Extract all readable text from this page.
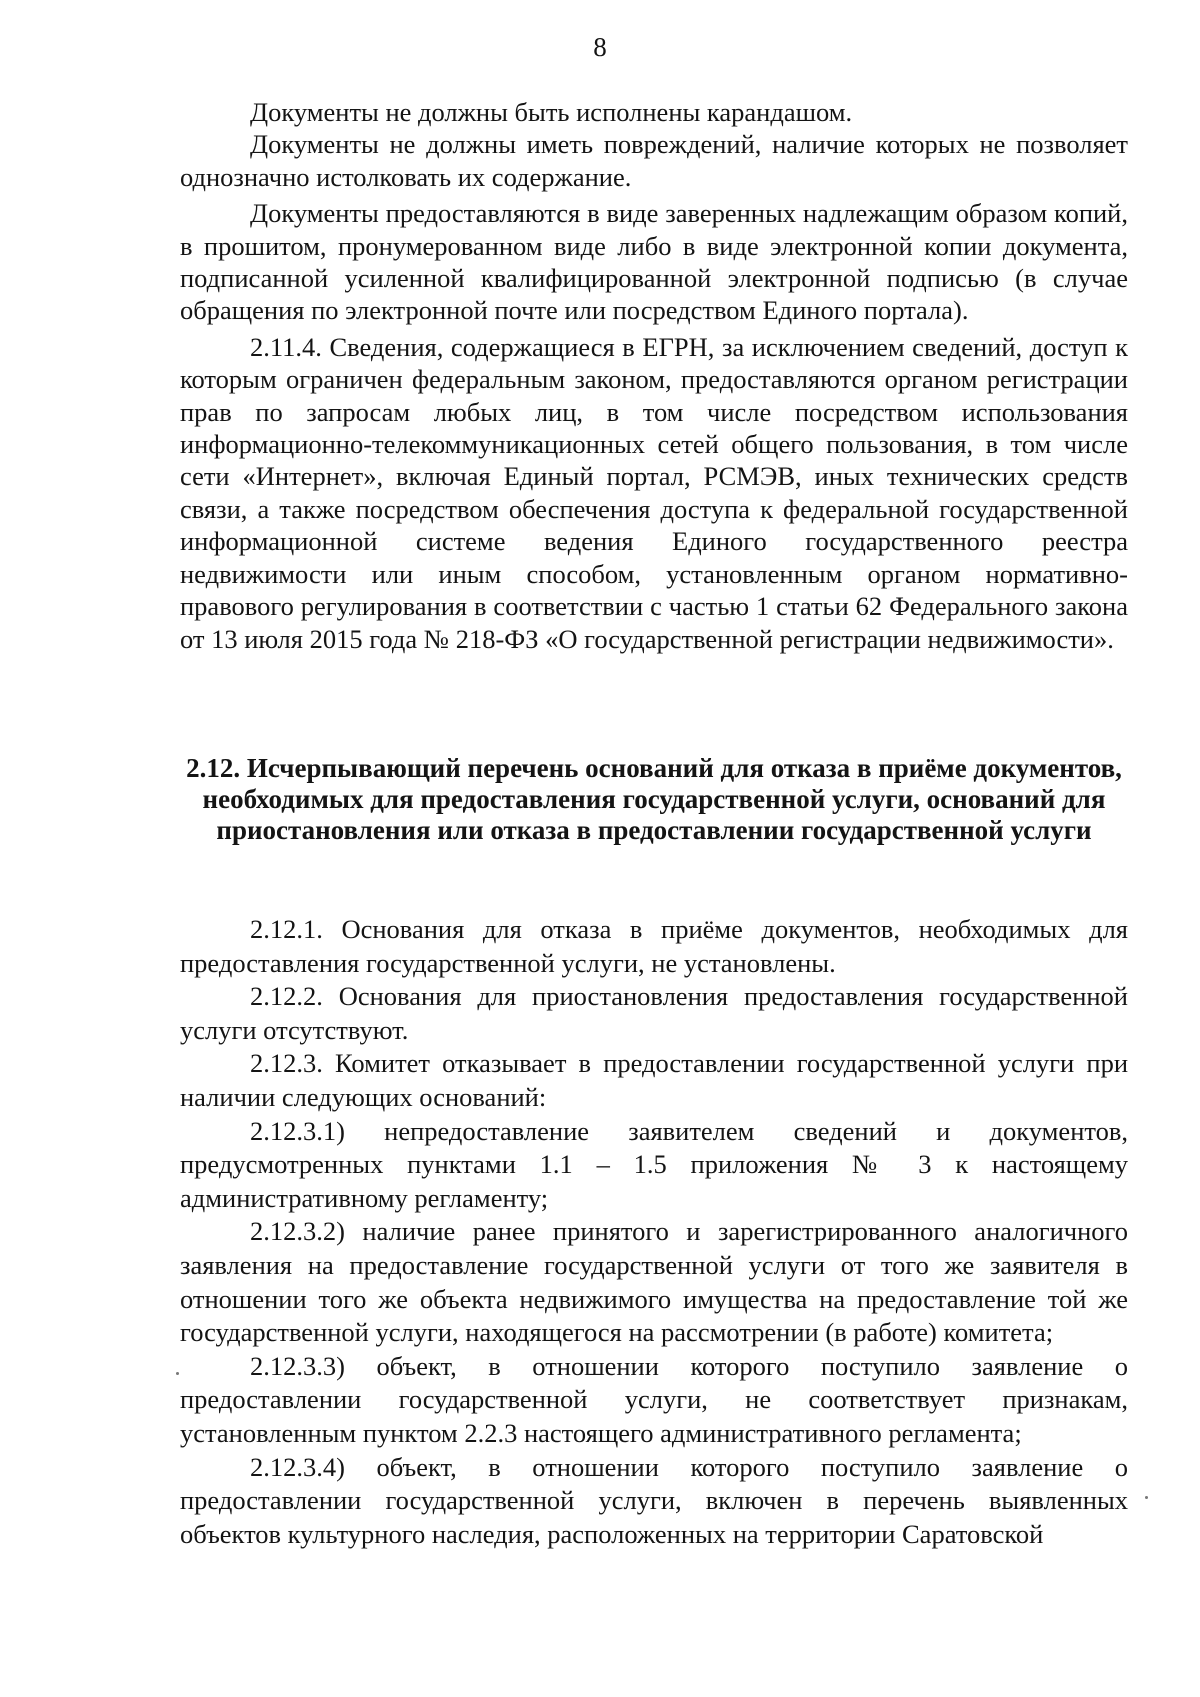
8

Документы не должны быть исполнены карандашом.

Документы не должны иметь повреждений, наличие которых не позволяет однозначно истолковать их содержание.

Документы предоставляются в виде заверенных надлежащим образом копий, в прошитом, пронумерованном виде либо в виде электронной копии документа, подписанной усиленной квалифицированной электронной подписью (в случае обращения по электронной почте или посредством Единого портала).

2.11.4. Сведения, содержащиеся в ЕГРН, за исключением сведений, доступ к которым ограничен федеральным законом, предоставляются органом регистрации прав по запросам любых лиц, в том числе посредством использования информационно-телекоммуникационных сетей общего пользования, в том числе сети «Интернет», включая Единый портал, РСМЭВ, иных технических средств связи, а также посредством обеспечения доступа к федеральной государственной информационной системе ведения Единого государственного реестра недвижимости или иным способом, установленным органом нормативно-правового регулирования в соответствии с частью 1 статьи 62 Федерального закона от 13 июля 2015 года № 218-ФЗ «О государственной регистрации недвижимости».

2.12. Исчерпывающий перечень оснований для отказа в приёме документов, необходимых для предоставления государственной услуги, оснований для приостановления или отказа в предоставлении государственной услуги

2.12.1. Основания для отказа в приёме документов, необходимых для предоставления государственной услуги, не установлены.

2.12.2. Основания для приостановления предоставления государственной услуги отсутствуют.

2.12.3. Комитет отказывает в предоставлении государственной услуги при наличии следующих оснований:

2.12.3.1) непредоставление заявителем сведений и документов, предусмотренных пунктами 1.1 – 1.5 приложения № 3 к настоящему административному регламенту;

2.12.3.2) наличие ранее принятого и зарегистрированного аналогичного заявления на предоставление государственной услуги от того же заявителя в отношении того же объекта недвижимого имущества на предоставление той же государственной услуги, находящегося на рассмотрении (в работе) комитета;

2.12.3.3) объект, в отношении которого поступило заявление о предоставлении государственной услуги, не соответствует признакам, установленным пунктом 2.2.3 настоящего административного регламента;

2.12.3.4) объект, в отношении которого поступило заявление о предоставлении государственной услуги, включен в перечень выявленных объектов культурного наследия, расположенных на территории Саратовской
